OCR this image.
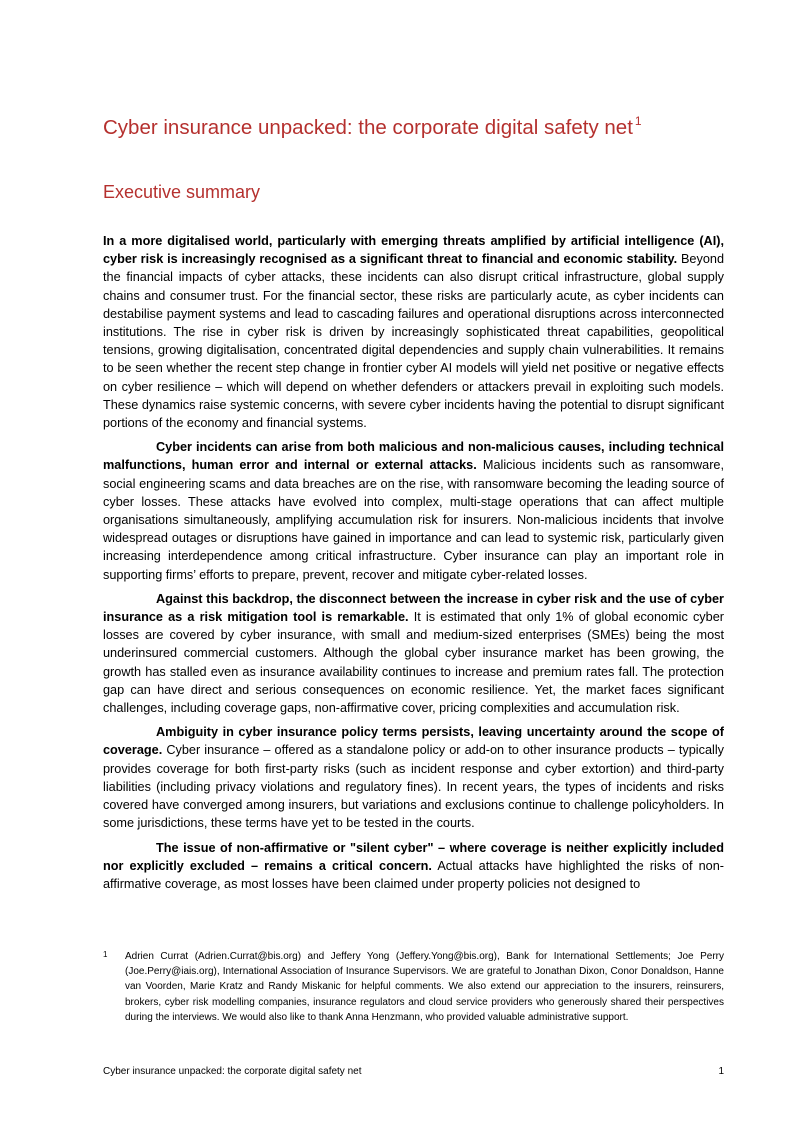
Cyber insurance unpacked: the corporate digital safety net $^1$
Executive summary

In a more digitalised world, particularly with emerging threats amplified by artificial intelligence (AI), cyber risk is increasingly recognised as a significant threat to financial and economic stability. Beyond the financial impacts of cyber attacks, these incidents can also disrupt critical infrastructure, global supply chains and consumer trust. For the financial sector, these risks are particularly acute, as cyber incidents can destabilise payment systems and lead to cascading failures and operational disruptions across interconnected institutions. The rise in cyber risk is driven by increasingly sophisticated threat capabilities, geopolitical tensions, growing digitalisation, concentrated digital dependencies and supply chain vulnerabilities. It remains to be seen whether the recent step change in frontier cyber AI models will yield net positive or negative effects on cyber resilience – which will depend on whether defenders or attackers prevail in exploiting such models. These dynamics raise systemic concerns, with severe cyber incidents having the potential to disrupt significant portions of the economy and financial systems.

Cyber incidents can arise from both malicious and non-malicious causes, including technical malfunctions, human error and internal or external attacks. Malicious incidents such as ransomware, social engineering scams and data breaches are on the rise, with ransomware becoming the leading source of cyber losses. These attacks have evolved into complex, multi-stage operations that can affect multiple organisations simultaneously, amplifying accumulation risk for insurers. Non-malicious incidents that involve widespread outages or disruptions have gained in importance and can lead to systemic risk, particularly given increasing interdependence among critical infrastructure. Cyber insurance can play an important role in supporting firms’ efforts to prepare, prevent, recover and mitigate cyber-related losses.

Against this backdrop, the disconnect between the increase in cyber risk and the use of cyber insurance as a risk mitigation tool is remarkable. It is estimated that only 1% of global economic cyber losses are covered by cyber insurance, with small and medium-sized enterprises (SMEs) being the most underinsured commercial customers. Although the global cyber insurance market has been growing, the growth has stalled even as insurance availability continues to increase and premium rates fall. The protection gap can have direct and serious consequences on economic resilience. Yet, the market faces significant challenges, including coverage gaps, non-affirmative cover, pricing complexities and accumulation risk.

Ambiguity in cyber insurance policy terms persists, leaving uncertainty around the scope of coverage. Cyber insurance – offered as a standalone policy or add-on to other insurance products – typically provides coverage for both first-party risks (such as incident response and cyber extortion) and third-party liabilities (including privacy violations and regulatory fines). In recent years, the types of incidents and risks covered have converged among insurers, but variations and exclusions continue to challenge policyholders. In some jurisdictions, these terms have yet to be tested in the courts.

The issue of non-affirmative or "silent cyber" – where coverage is neither explicitly included nor explicitly excluded – remains a critical concern. Actual attacks have highlighted the risks of non-affirmative coverage, as most losses have been claimed under property policies not designed to

1	Adrien Currat (Adrien.Currat@bis.org) and Jeffery Yong (Jeffery.Yong@bis.org), Bank for International Settlements; Joe Perry (Joe.Perry@iais.org), International Association of Insurance Supervisors. We are grateful to Jonathan Dixon, Conor Donaldson, Hanne van Voorden, Marie Kratz and Randy Miskanic for helpful comments. We also extend our appreciation to the insurers, reinsurers, brokers, cyber risk modelling companies, insurance regulators and cloud service providers who generously shared their perspectives during the interviews. We would also like to thank Anna Henzmann, who provided valuable administrative support.
Cyber insurance unpacked: the corporate digital safety net	1
